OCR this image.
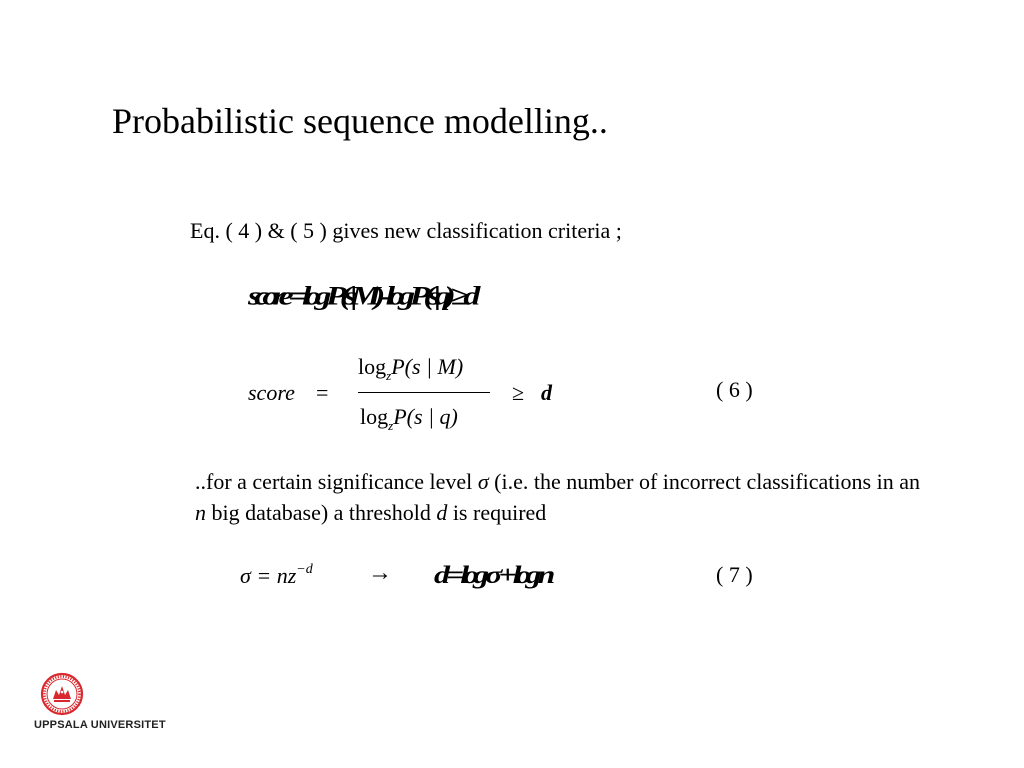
Probabilistic sequence modelling..
Eq. ( 4 ) & ( 5 ) gives new classification criteria ;
score = log P(s|M) - log P(s|q) ≥ d
score =
$\log_zP(s$ | M)
$\log_zP(s$ | q)
≥ d	( 6 )
..for a certain significance level σ (i.e. the number of incorrect classifications in an n big database) a threshold d is required
$\sigma = nz^{-d} \to d = \log \sigma + \log n$	( 7 )
UPPSALA UNIVERSITET
